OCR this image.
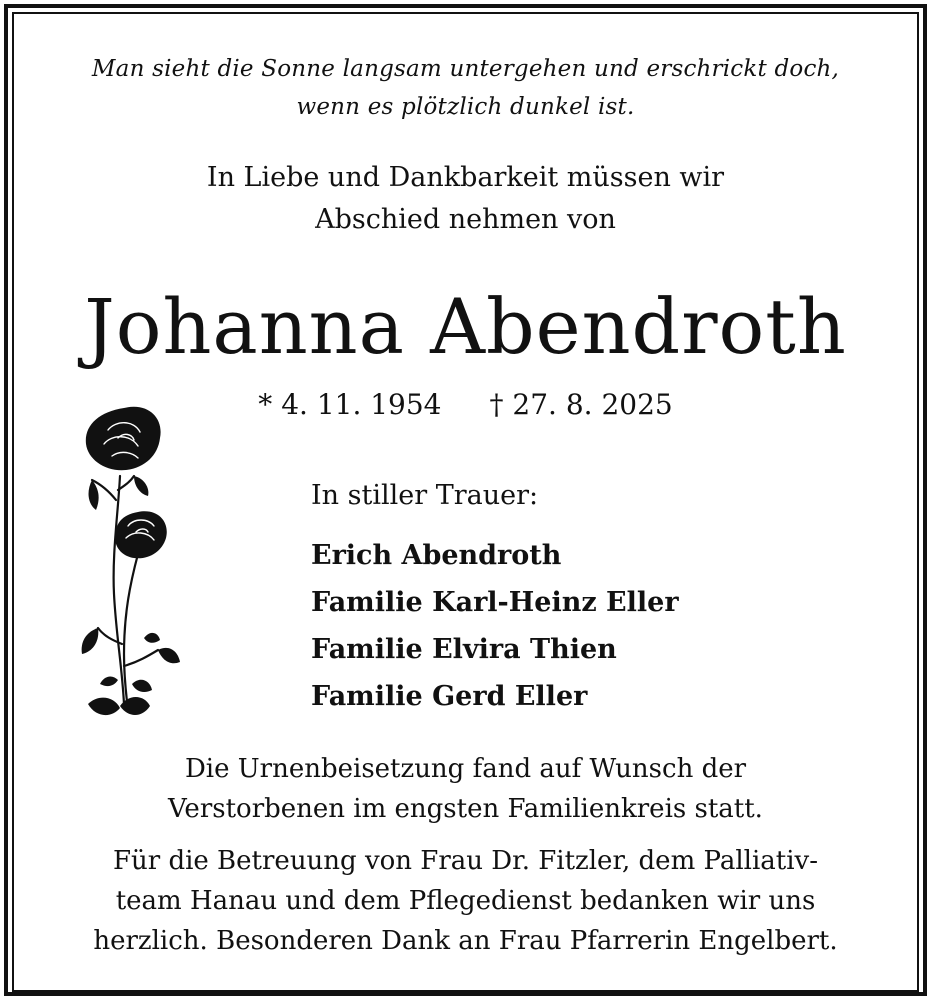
Man sieht die Sonne langsam untergehen und erschrickt doch,
wenn es plötzlich dunkel ist.
In Liebe und Dankbarkeit müssen wir
Abschied nehmen von
Johanna Abendroth
* 4. 11. 1954 † 27. 8. 2025
In stiller Trauer:
Erich Abendroth
Familie Karl-Heinz Eller
Familie Elvira Thien
Familie Gerd Eller
Die Urnenbeisetzung fand auf Wunsch der
Verstorbenen im engsten Familienkreis statt.
Für die Betreuung von Frau Dr. Fitzler, dem Palliativ-
team Hanau und dem Pflegedienst bedanken wir uns
herzlich. Besonderen Dank an Frau Pfarrerin Engelbert.
